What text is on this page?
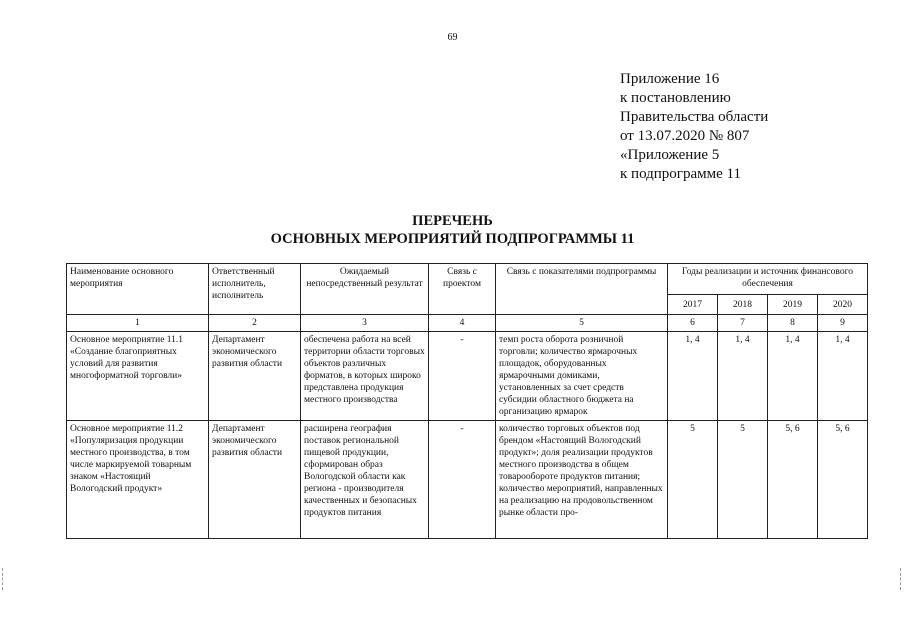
69
Приложение 16
к постановлению
Правительства области
от 13.07.2020 № 807
«Приложение 5
к подпрограмме 11
ПЕРЕЧЕНЬ
ОСНОВНЫХ МЕРОПРИЯТИЙ ПОДПРОГРАММЫ 11
Наименование основного мероприятия	Ответственный исполнитель, исполнитель	Ожидаемый непосредственный результат	Связь с проектом	Связь с показателями подпрограммы	Годы реализации и источник финансового обеспечения			
					2017	2018	2019	2020
1	2	3	4	5	6	7	8	9
Основное мероприятие 11.1 «Создание благоприятных условий для развития многоформатной торговли»	Департамент экономического развития области	обеспечена работа на всей территории области торговых объектов различных форматов, в которых широко представлена продукция местного производства	-	темп роста оборота розничной торговли; количество ярмарочных площадок, оборудованных ярмарочными домиками, установленных за счет средств субсидии областного бюджета на организацию ярмарок	1, 4	1, 4	1, 4	1, 4
Основное мероприятие 11.2 «Популяризация продукции местного производства, в том числе маркируемой товарным знаком «Настоящий Вологодский продукт»	Департамент экономического развития области	расширена география поставок региональной пищевой продукции, сформирован образ Вологодской области как региона - производителя качественных и безопасных продуктов питания	-	количество торговых объектов под брендом «Настоящий Вологодский продукт»; доля реализации продуктов местного производства в общем товарообороте продуктов питания; количество мероприятий, направленных на реализацию на продовольственном рынке области про-	5	5	5, 6	5, 6
